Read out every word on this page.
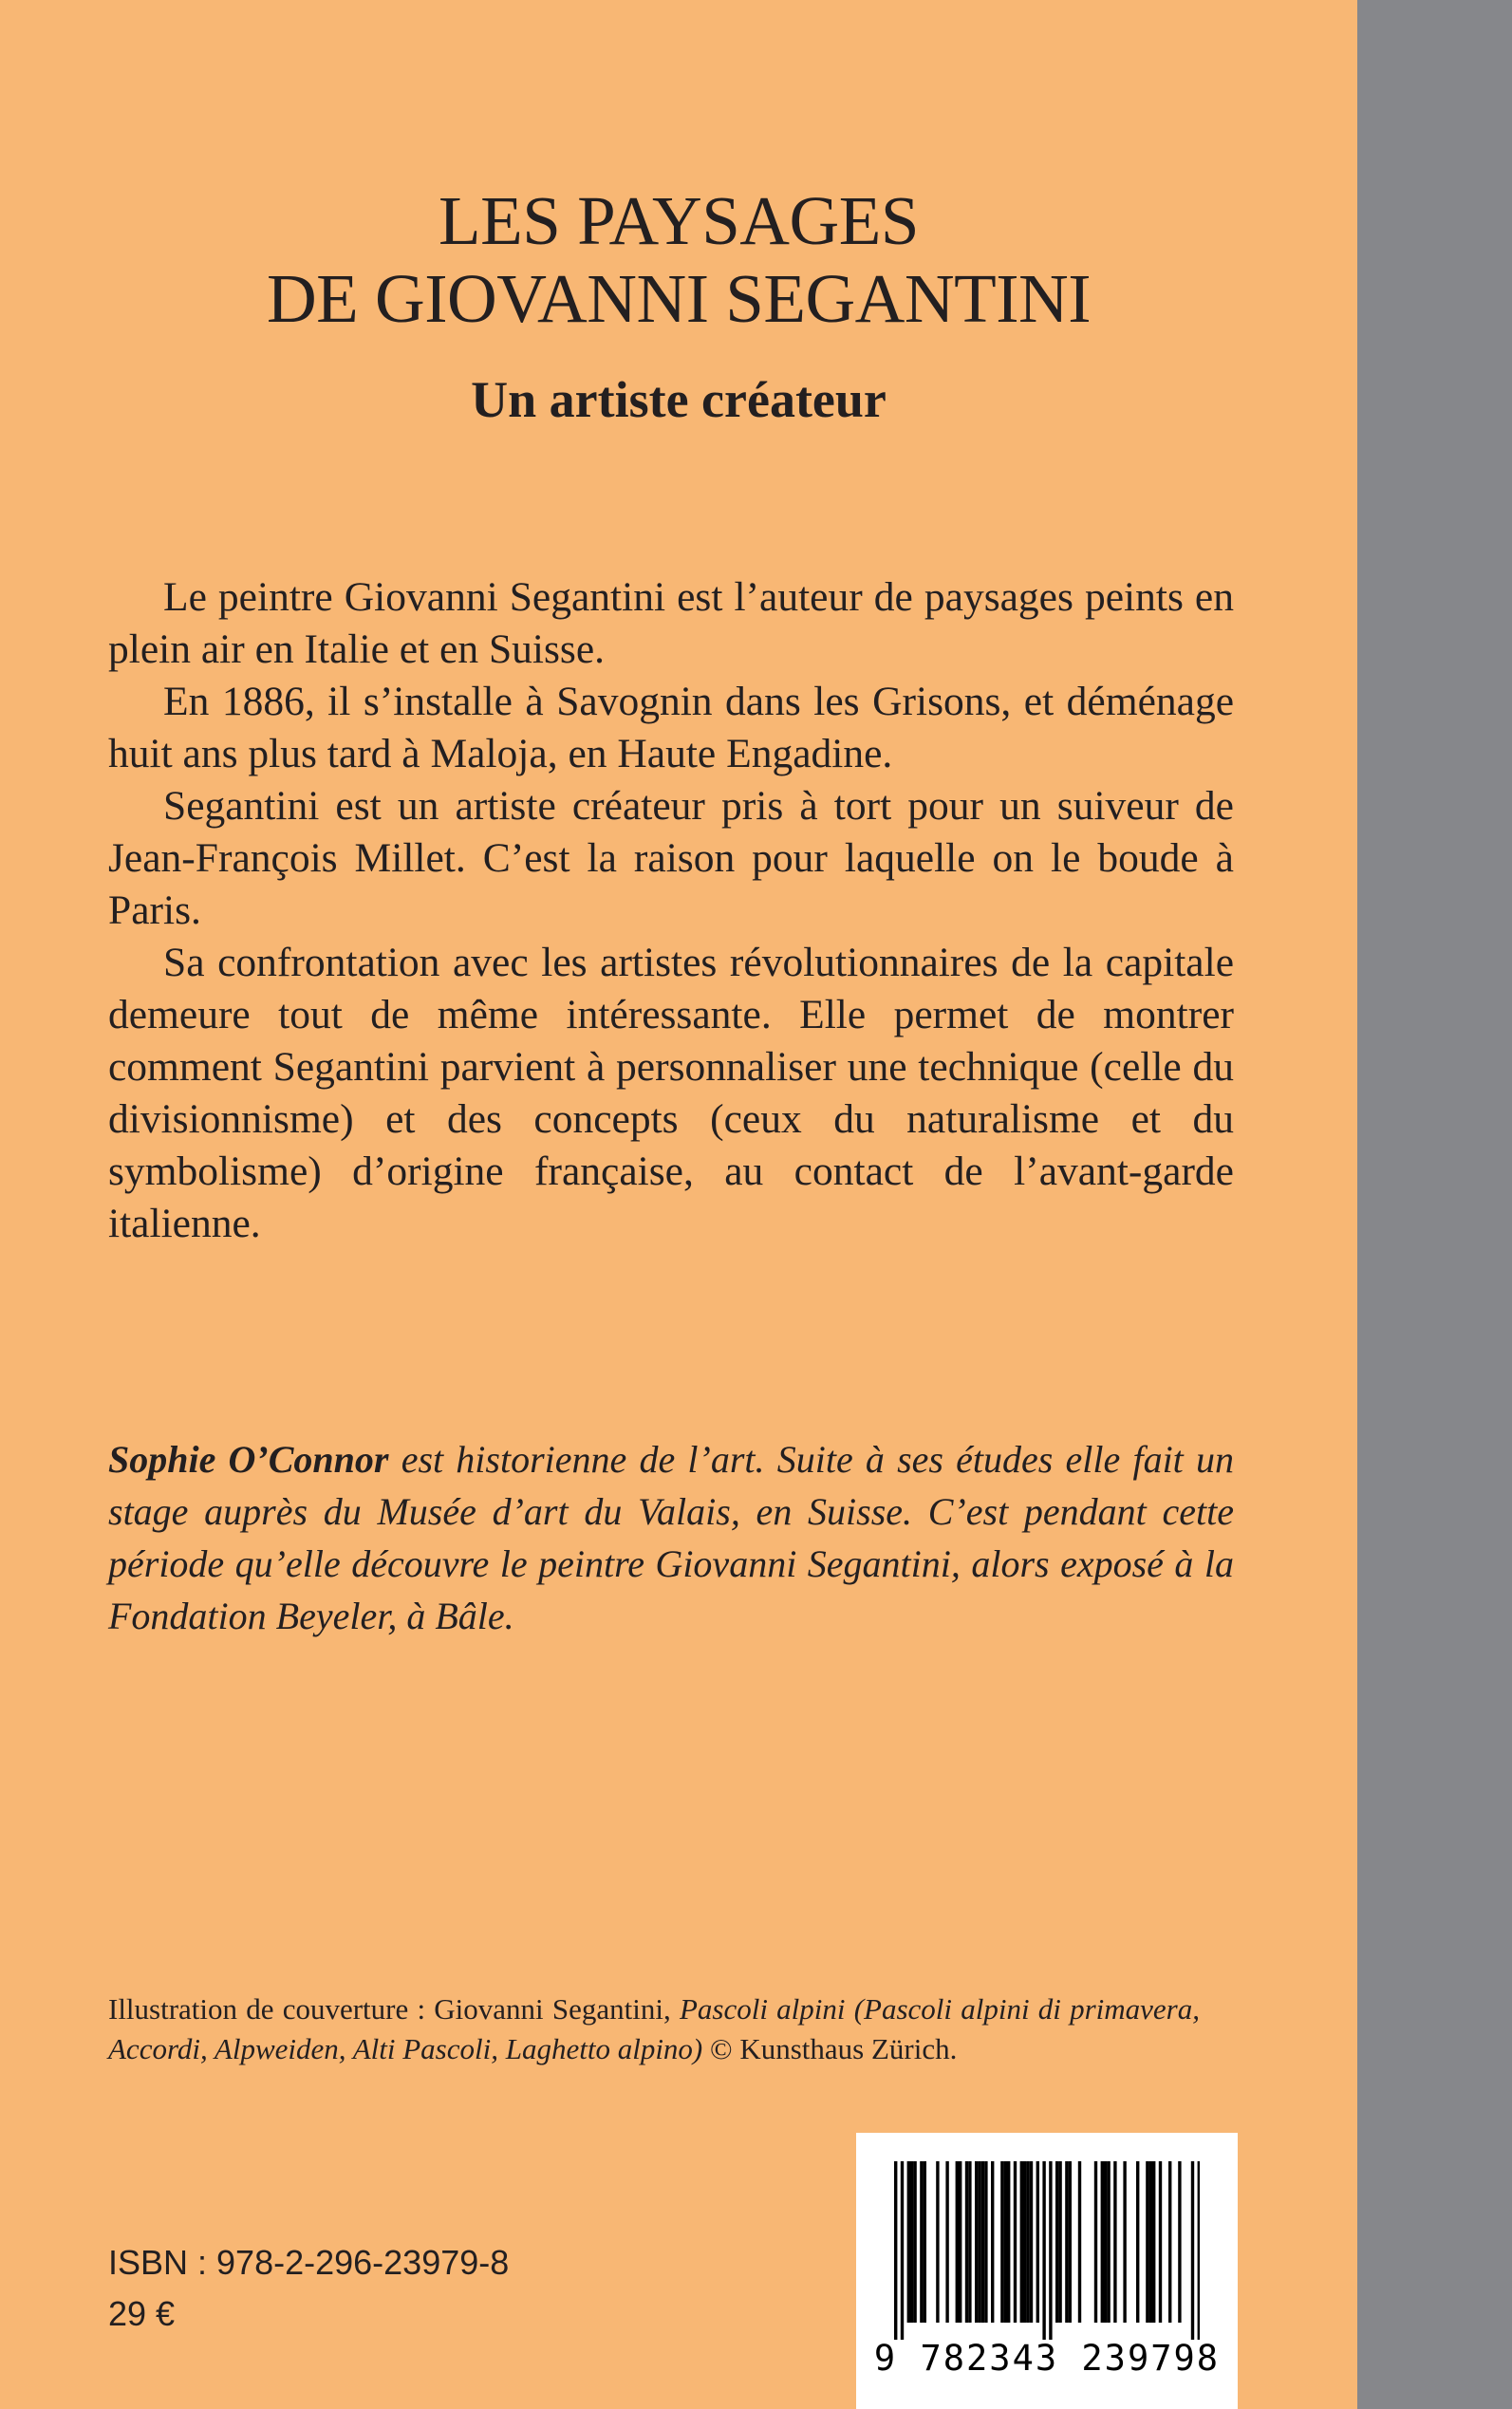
LES PAYSAGES
DE GIOVANNI SEGANTINI
Un artiste créateur

Le peintre Giovanni Segantini est l’auteur de paysages peints en plein air en Italie et en Suisse.

En 1886, il s’installe à Savognin dans les Grisons, et déménage huit ans plus tard à Maloja, en Haute Engadine.

Segantini est un artiste créateur pris à tort pour un suiveur de Jean-François Millet. C’est la raison pour laquelle on le boude à Paris.

Sa confrontation avec les artistes révolutionnaires de la capitale demeure tout de même intéressante. Elle permet de montrer comment Segantini parvient à personnaliser une technique (celle du divisionnisme) et des concepts (ceux du naturalisme et du symbolisme) d’origine française, au contact de l’avant-garde italienne.

Sophie O’Connor est historienne de l’art. Suite à ses études elle fait un stage auprès du Musée d’art du Valais, en Suisse. C’est pendant cette période qu’elle découvre le peintre Giovanni Segantini, alors exposé à la Fondation Beyeler, à Bâle.

Illustration de couverture : Giovanni Segantini, Pascoli alpini (Pascoli alpini di primavera, Accordi, Alpweiden, Alti Pascoli, Laghetto alpino) © Kunsthaus Zürich.

ISBN : 978-2-296-23979-8
29 €
9 782343 239798
